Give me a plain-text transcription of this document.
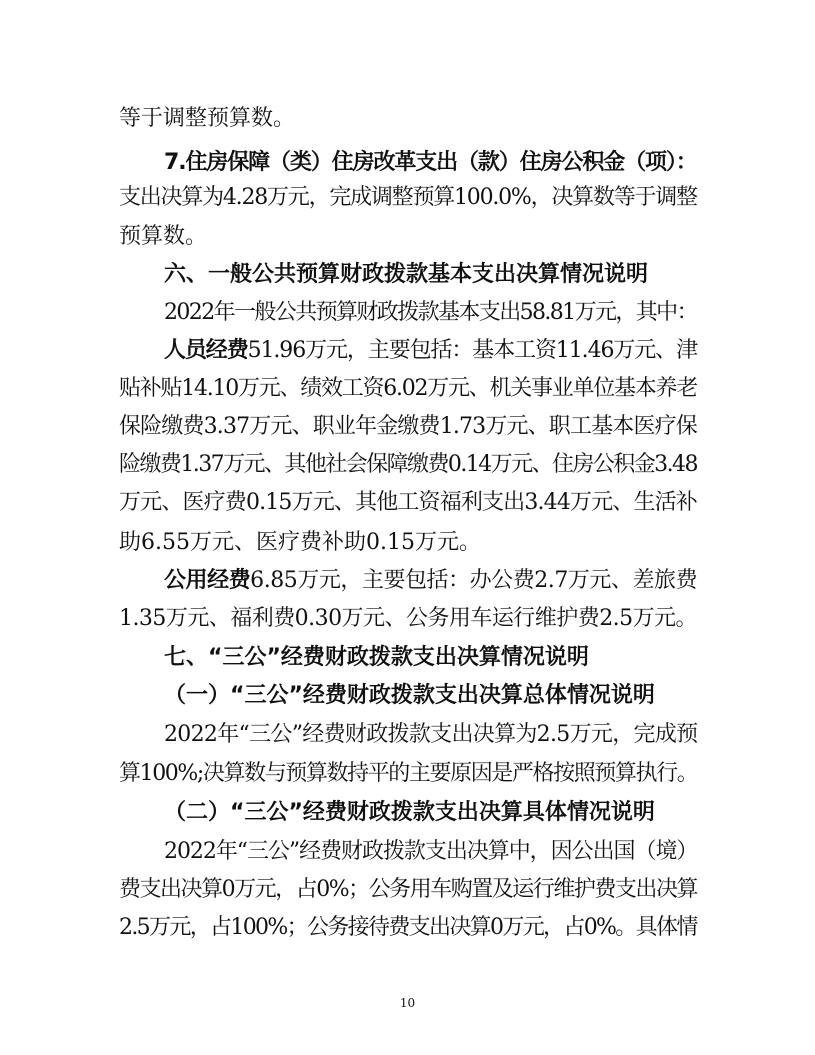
等于调整预算数。
7.住房保障（类）住房改革支出（款）住房公积金（项）：
支出决算为4.28万元，完成调整预算100.0%，决算数等于调整
预算数。
六、一般公共预算财政拨款基本支出决算情况说明
2022年一般公共预算财政拨款基本支出58.81万元，其中：
人员经费51.96万元，主要包括：基本工资11.46万元、津
贴补贴14.10万元、绩效工资6.02万元、机关事业单位基本养老
保险缴费3.37万元、职业年金缴费1.73万元、职工基本医疗保
险缴费1.37万元、其他社会保障缴费0.14万元、住房公积金3.48
万元、医疗费0.15万元、其他工资福利支出3.44万元、生活补
助6.55万元、医疗费补助0.15万元。
公用经费6.85万元，主要包括：办公费2.7万元、差旅费
1.35万元、福利费0.30万元、公务用车运行维护费2.5万元。
七、“三公”经费财政拨款支出决算情况说明
（一）“三公”经费财政拨款支出决算总体情况说明
2022年“三公”经费财政拨款支出决算为2.5万元，完成预
算100%;决算数与预算数持平的主要原因是严格按照预算执行。
（二）“三公”经费财政拨款支出决算具体情况说明
2022年“三公”经费财政拨款支出决算中，因公出国（境）
费支出决算0万元，占0%；公务用车购置及运行维护费支出决算
2.5万元，占100%；公务接待费支出决算0万元，占0%。具体情
10
